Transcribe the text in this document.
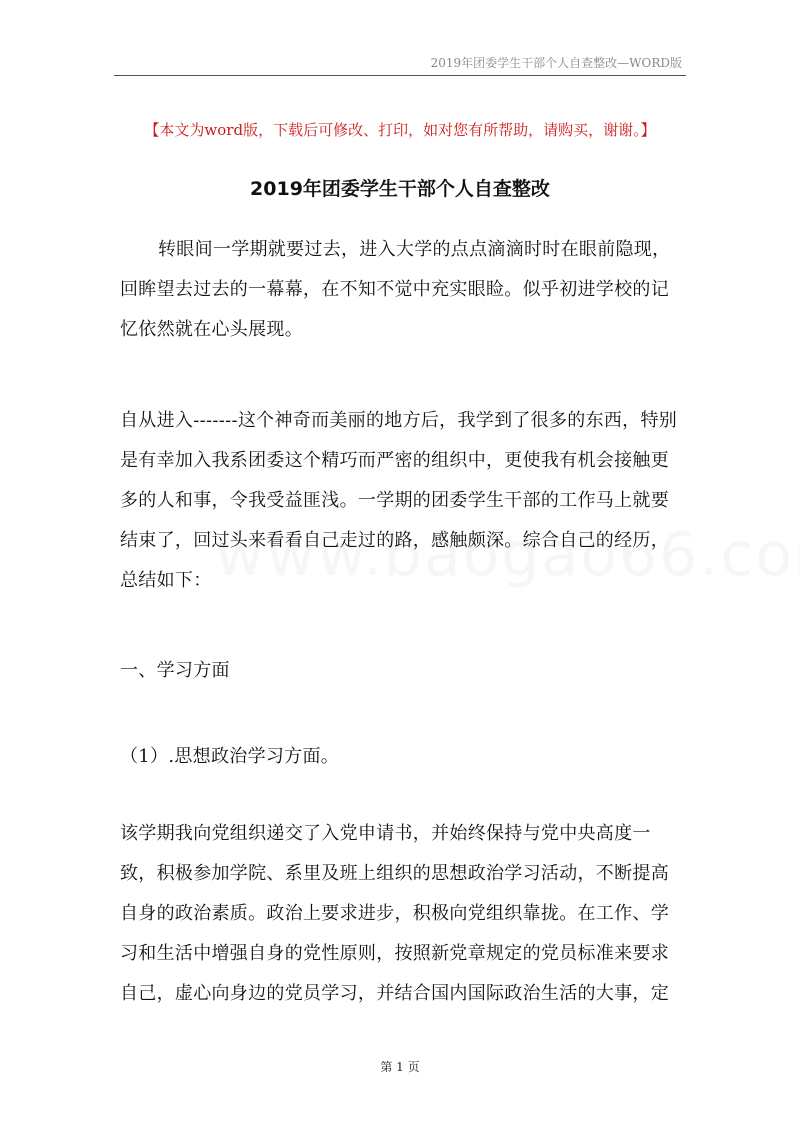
2019年团委学生干部个人自查整改—WORD版
【本文为word版，下载后可修改、打印，如对您有所帮助，请购买，谢谢。】
2019年团委学生干部个人自查整改
转眼间一学期就要过去，进入大学的点点滴滴时时在眼前隐现，回眸望去过去的一幕幕，在不知不觉中充实眼睑。似乎初进学校的记忆依然就在心头展现。
自从进入-------这个神奇而美丽的地方后，我学到了很多的东西，特别是有幸加入我系团委这个精巧而严密的组织中，更使我有机会接触更多的人和事，令我受益匪浅。一学期的团委学生干部的工作马上就要结束了，回过头来看看自己走过的路，感触颇深。综合自己的经历，总结如下：
一、学习方面
（1）.思想政治学习方面。
该学期我向党组织递交了入党申请书，并始终保持与党中央高度一致，积极参加学院、系里及班上组织的思想政治学习活动，不断提高自身的政治素质。政治上要求进步，积极向党组织靠拢。在工作、学习和生活中增强自身的党性原则，按照新党章规定的党员标准来要求自己，虚心向身边的党员学习，并结合国内国际政治生活的大事，定
第 1 页
